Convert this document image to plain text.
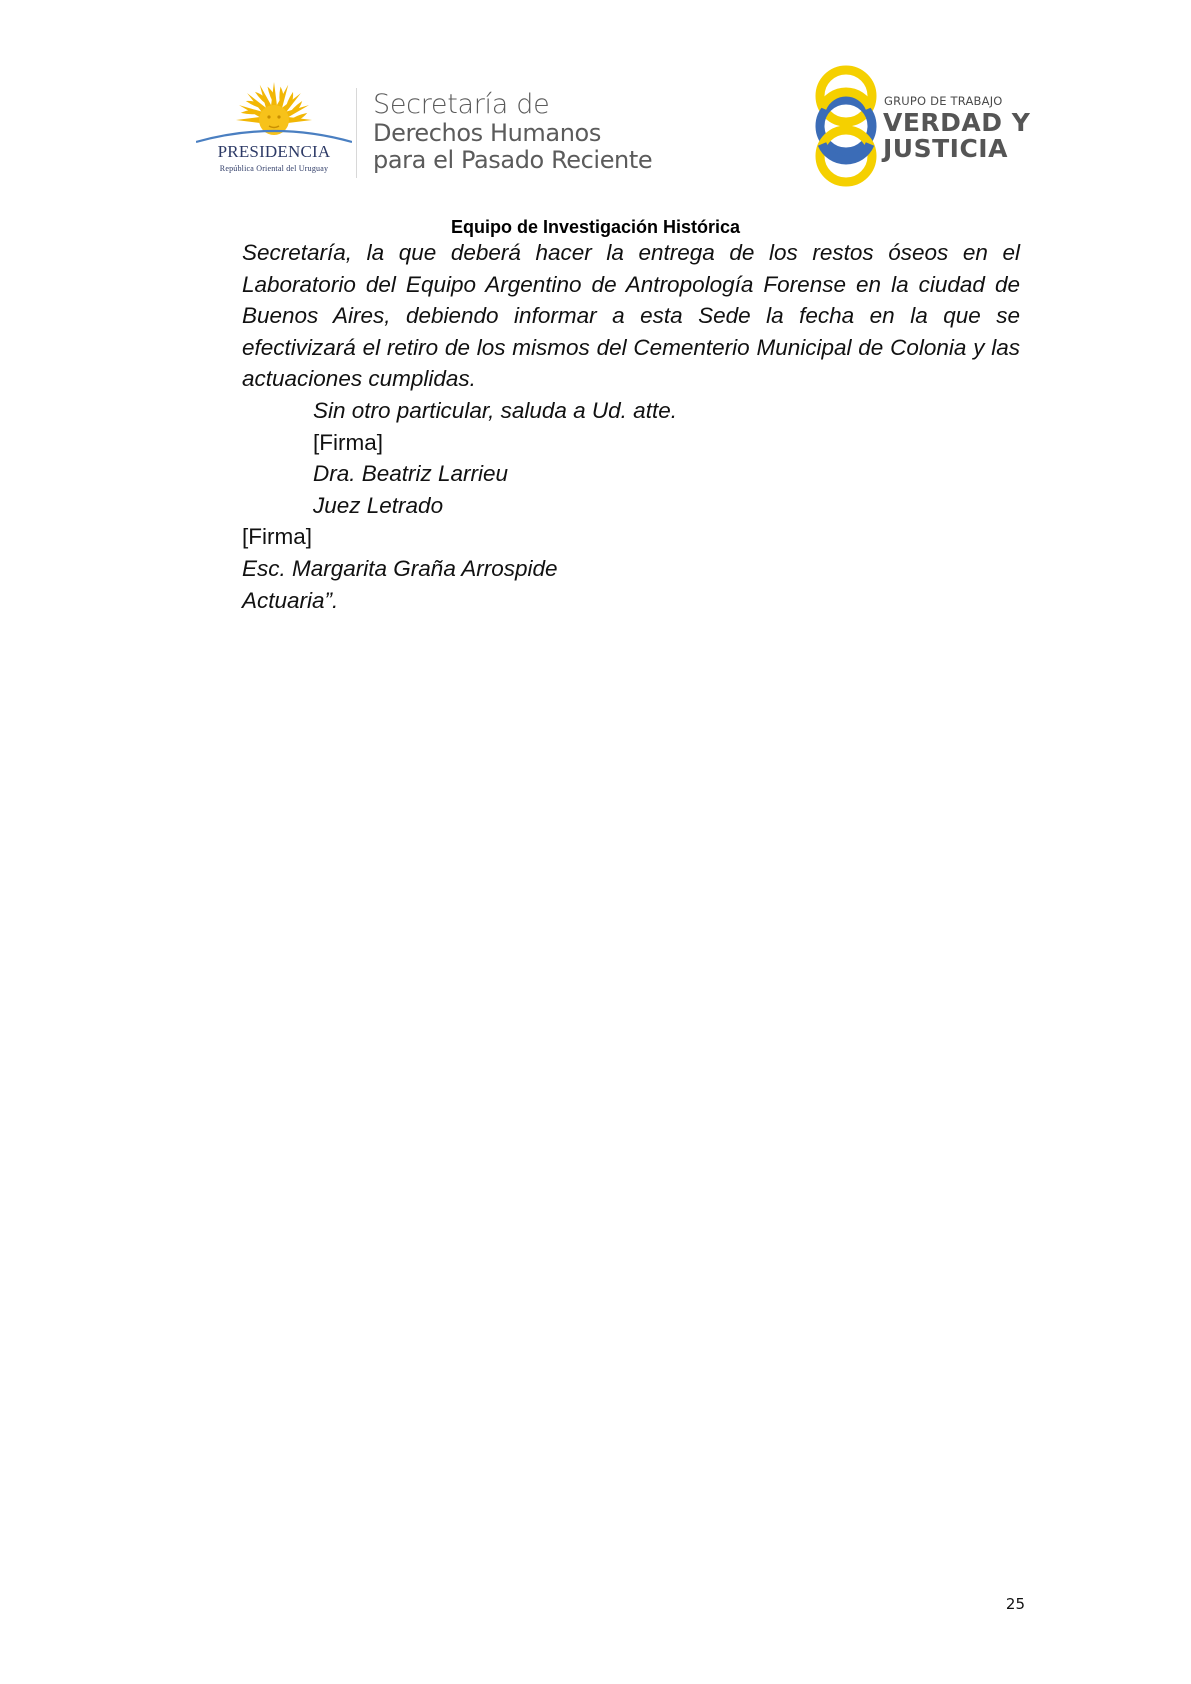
PRESIDENCIA
República Oriental del Uruguay
Secretaría de
Derechos Humanos
para el Pasado Reciente
GRUPO DE TRABAJO
VERDAD Y
JUSTICIA
Equipo de Investigación Histórica

Secretaría, la que deberá hacer la entrega de los restos óseos en el Laboratorio del Equipo Argentino de Antropología Forense en la ciudad de Buenos Aires, debiendo informar a esta Sede la fecha en la que se efectivizará el retiro de los mismos del Cementerio Municipal de Colonia y las actuaciones cumplidas.

Sin otro particular, saluda a Ud. atte.

[Firma]

Dra. Beatriz Larrieu

Juez Letrado

[Firma]

Esc. Margarita Graña Arrospide

Actuaria”.

25
